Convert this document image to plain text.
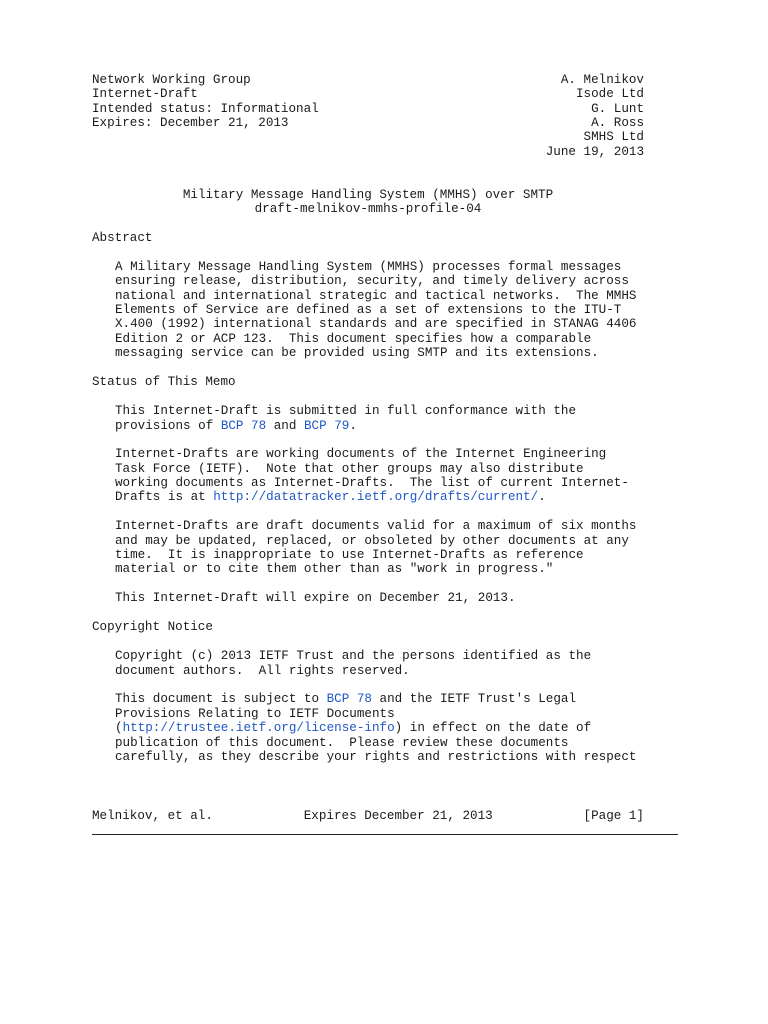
Network Working Group	A. Melnikov
Internet-Draft	Isode Ltd
Intended status: Informational	G. Lunt
Expires: December 21, 2013	A. Ross
SMHS Ltd
June 19, 2013
Military Message Handling System (MMHS) over SMTP
draft-melnikov-mmhs-profile-04
Abstract
A Military Message Handling System (MMHS) processes formal messages
ensuring release, distribution, security, and timely delivery across
national and international strategic and tactical networks.  The MMHS
Elements of Service are defined as a set of extensions to the ITU-T
X.400 (1992) international standards and are specified in STANAG 4406
Edition 2 or ACP 123.  This document specifies how a comparable
messaging service can be provided using SMTP and its extensions.
Status of This Memo
This Internet-Draft is submitted in full conformance with the
provisions of BCP 78 and BCP 79.
Internet-Drafts are working documents of the Internet Engineering
Task Force (IETF).  Note that other groups may also distribute
working documents as Internet-Drafts.  The list of current Internet-
Drafts is at http://datatracker.ietf.org/drafts/current/.
Internet-Drafts are draft documents valid for a maximum of six months
and may be updated, replaced, or obsoleted by other documents at any
time.  It is inappropriate to use Internet-Drafts as reference
material or to cite them other than as "work in progress."
This Internet-Draft will expire on December 21, 2013.
Copyright Notice
Copyright (c) 2013 IETF Trust and the persons identified as the
document authors.  All rights reserved.
This document is subject to BCP 78 and the IETF Trust's Legal
Provisions Relating to IETF Documents
(http://trustee.ietf.org/license-info) in effect on the date of
publication of this document.  Please review these documents
carefully, as they describe your rights and restrictions with respect
Melnikov, et al.	Expires December 21, 2013	[Page 1]
